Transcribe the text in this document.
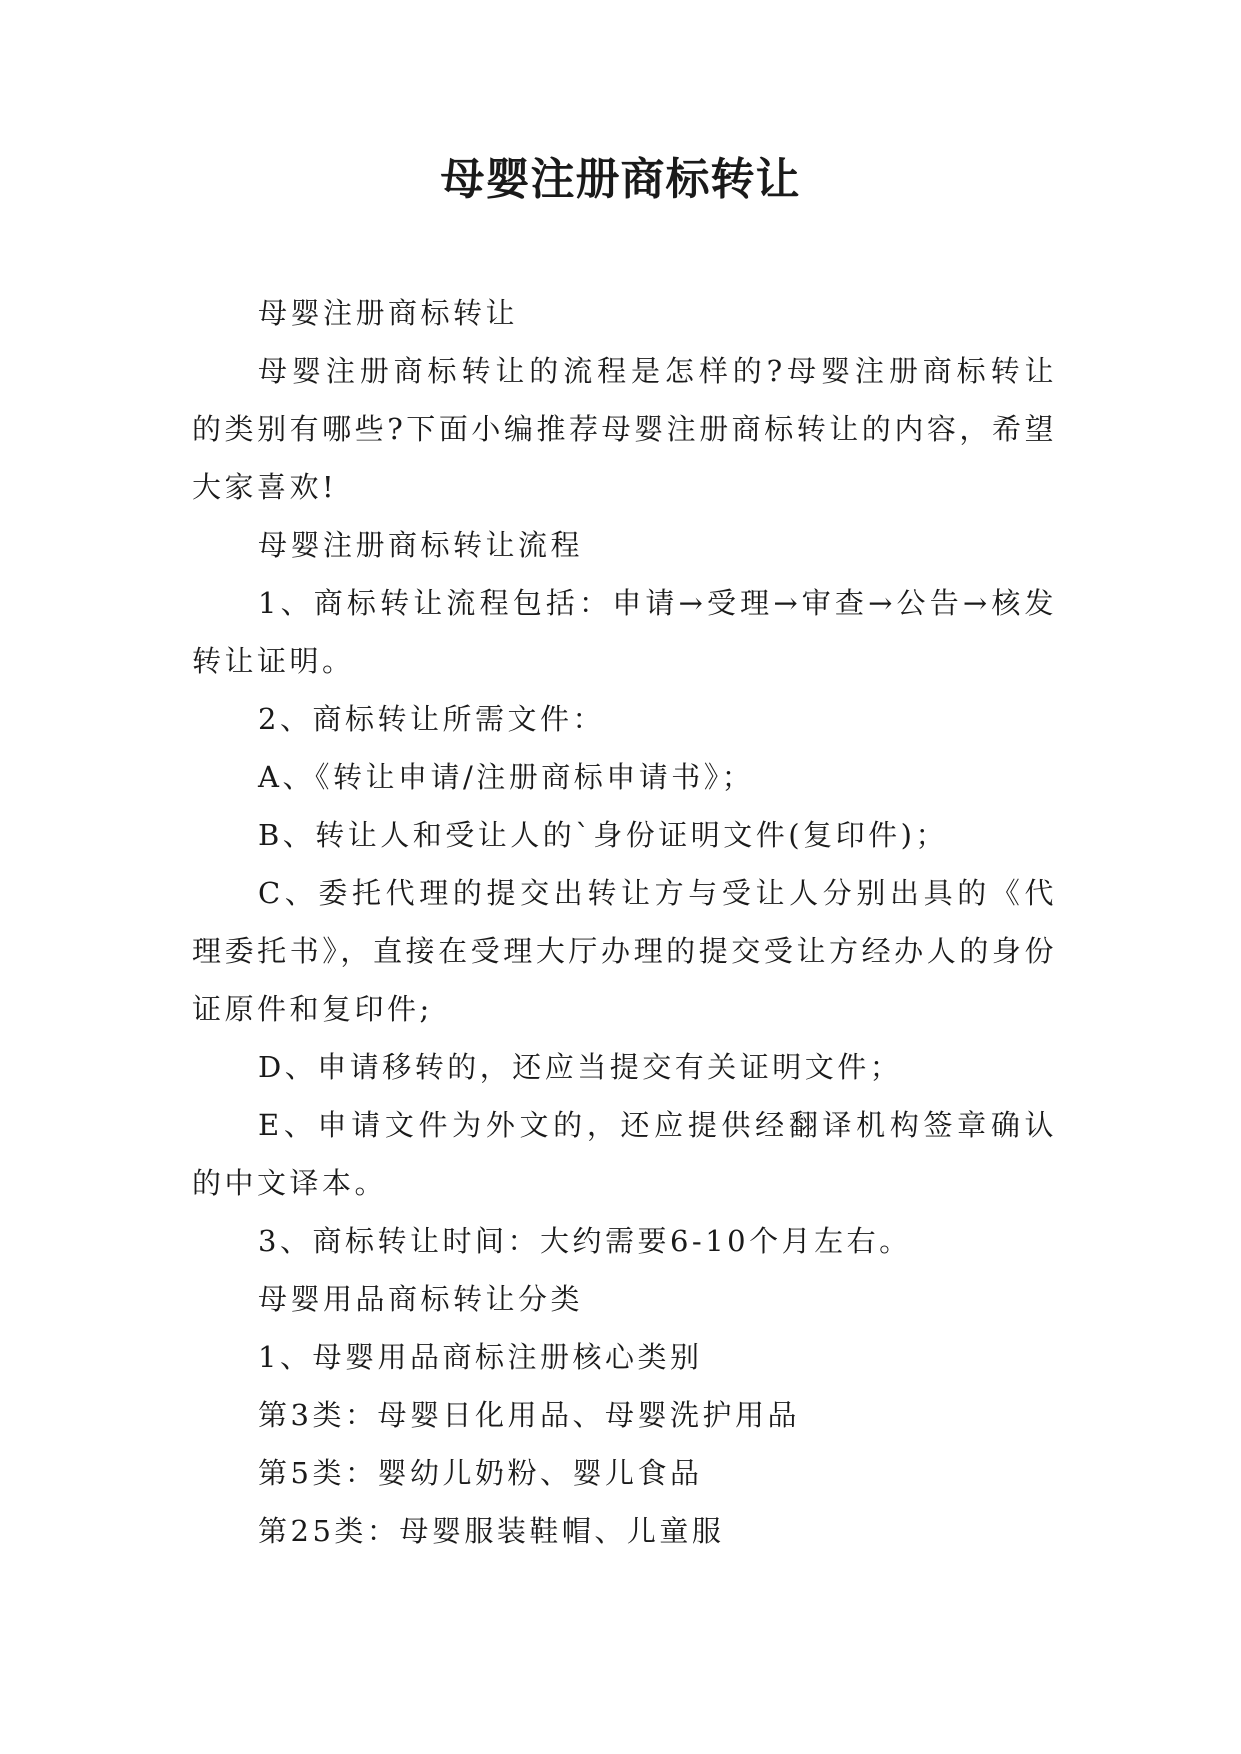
母婴注册商标转让

母婴注册商标转让

母婴注册商标转让的流程是怎样的?母婴注册商标转让的类别有哪些?下面小编推荐母婴注册商标转让的内容，希望大家喜欢!

母婴注册商标转让流程

1、商标转让流程包括：申请→受理→审查→公告→核发转让证明。

2、商标转让所需文件：

A、《转让申请/注册商标申请书》；

B、转让人和受让人的`身份证明文件(复印件)；

C、委托代理的提交出转让方与受让人分别出具的《代理委托书》，直接在受理大厅办理的提交受让方经办人的身份证原件和复印件;

D、申请移转的，还应当提交有关证明文件；

E、申请文件为外文的，还应提供经翻译机构签章确认的中文译本。

3、商标转让时间：大约需要6-10个月左右。

母婴用品商标转让分类

1、母婴用品商标注册核心类别

第3类：母婴日化用品、母婴洗护用品

第5类：婴幼儿奶粉、婴儿食品

第25类：母婴服装鞋帽、儿童服
